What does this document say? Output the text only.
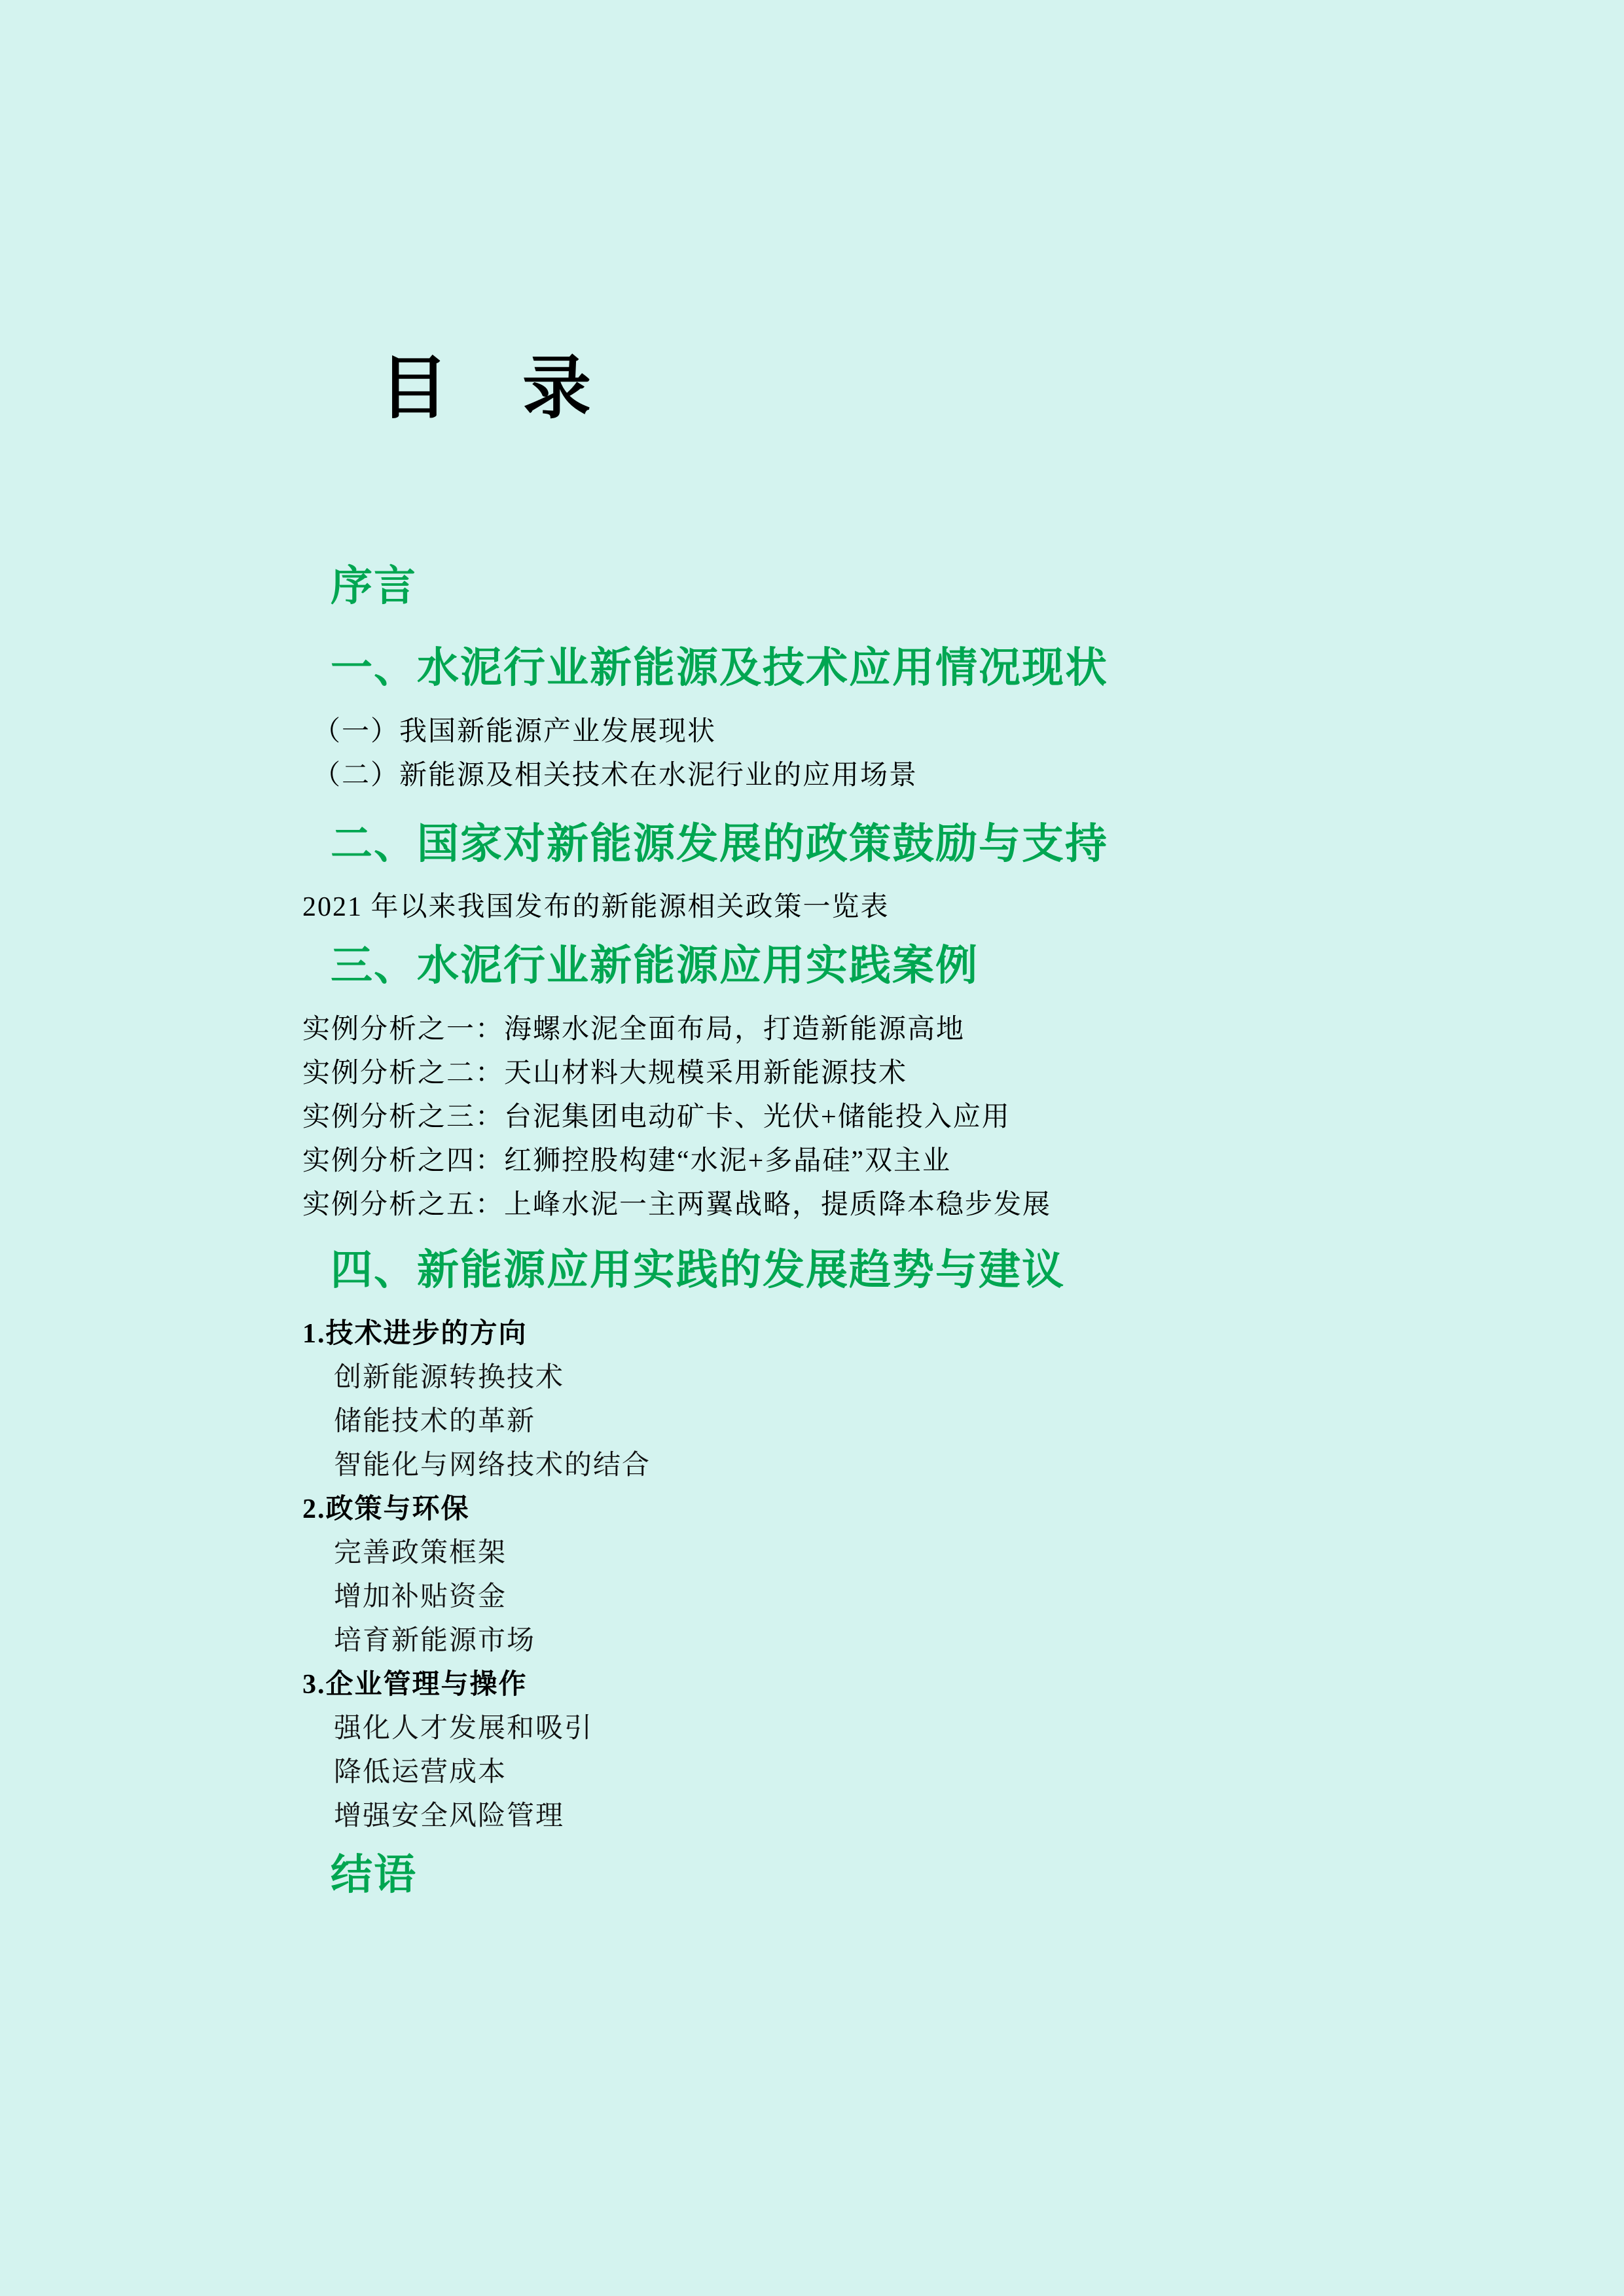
目　录
序言
一、水泥行业新能源及技术应用情况现状
（一）我国新能源产业发展现状
（二）新能源及相关技术在水泥行业的应用场景
二、国家对新能源发展的政策鼓励与支持
2021 年以来我国发布的新能源相关政策一览表
三、水泥行业新能源应用实践案例
实例分析之一：海螺水泥全面布局，打造新能源高地
实例分析之二：天山材料大规模采用新能源技术
实例分析之三：台泥集团电动矿卡、光伏+储能投入应用
实例分析之四：红狮控股构建“水泥+多晶硅”双主业
实例分析之五：上峰水泥一主两翼战略，提质降本稳步发展
四、新能源应用实践的发展趋势与建议
1.技术进步的方向
创新能源转换技术
储能技术的革新
智能化与网络技术的结合
2.政策与环保
完善政策框架
增加补贴资金
培育新能源市场
3.企业管理与操作
强化人才发展和吸引
降低运营成本
增强安全风险管理
结语
